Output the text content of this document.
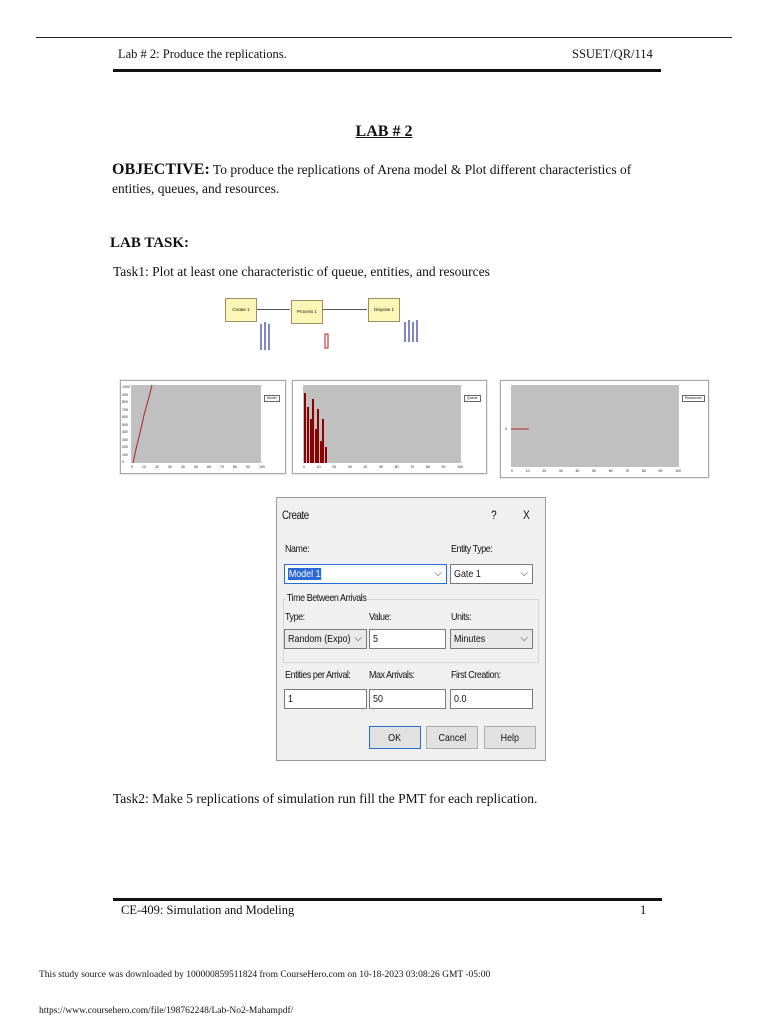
Lab # 2: Produce the replications.	SSUET/QR/114
LAB # 2
OBJECTIVE: To produce the replications of Arena model & Plot different characteristics of entities, queues, and resources.
LAB TASK:
Task1: Plot at least one characteristic of queue, entities, and resources
Create 1	Process 1	Dispose 1
Model
1000
900
800
700
600
500
400
300
200
100
0
0	10	20	30	40	50	60	70	80	90	100
Queue
0	10	20	30	40	50	60	70	80	90	100
Resources
0
0	10	20	30	40	50	60	70	80	90	100
Create	? X
Name:
Model 1	⌵
Entity Type:
Gate 1	⌵
Time Between Arrivals
Type:
Random (Expo) ⌵
Value:
5
Units:
Minutes	⌵
Entities per Arrival:
1
Max Arrivals:
50
First Creation:
0.0
OK	Cancel	Help
Task2: Make 5 replications of simulation run fill the PMT for each replication.
CE-409: Simulation and Modeling	1
This study source was downloaded by 100000859511824 from CourseHero.com on 10-18-2023 03:08:26 GMT -05:00
https://www.coursehero.com/file/198762248/Lab-No2-Mahampdf/
